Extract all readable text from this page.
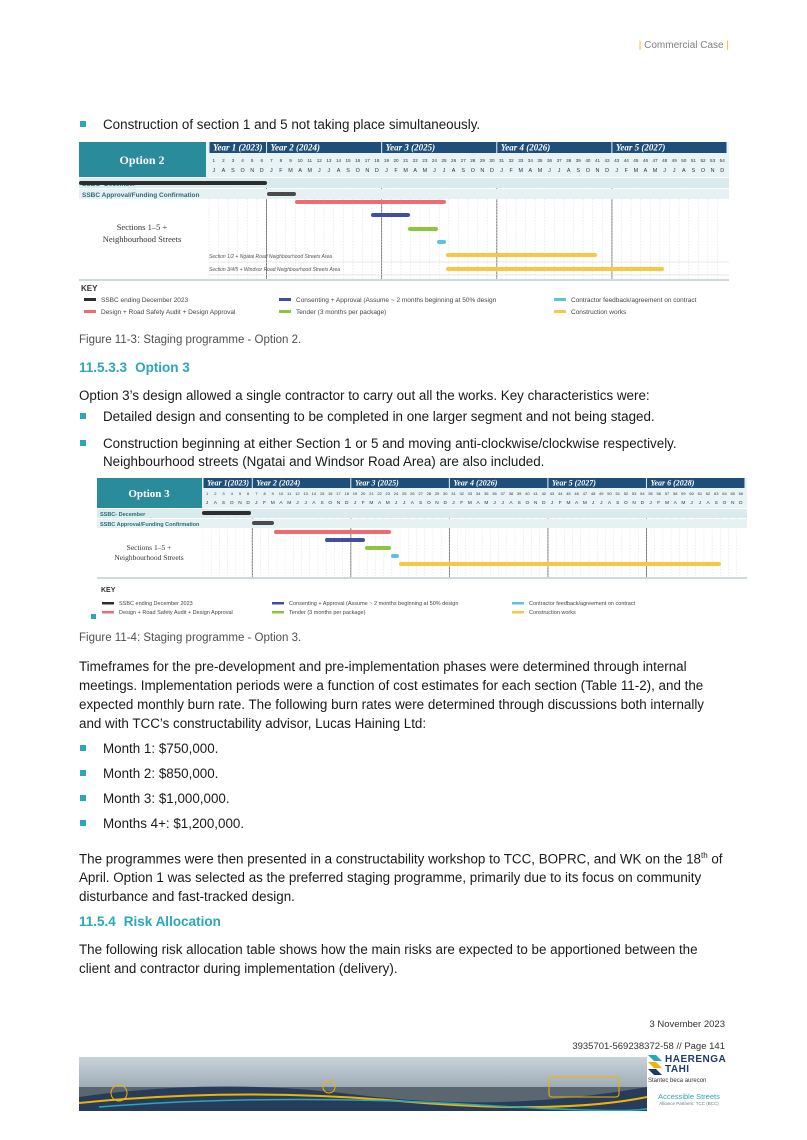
| Commercial Case |
Construction of section 1 and 5 not taking place simultaneously.
Option 2
Year 1 (2023) Year 2 (2024)	Year 3 (2025)	Year 4 (2026)	Year 5 (2027)
1
J
2
A
3
S
4
O
5
N
6
D
7
J
8
F
9
M
10
A
11
M
12
J
13
J
14
A
15
S
16
O
17
N
18
D
19
J
20
F
21
M
22
A
23
M
24
J
25
J
26
A
27
S
28
O
29
N
30
D
31
J
32
F
33
M
34
A
35
M
36
J
37
J
38
A
39
S
40
O
41
N
42
D
43
J
44
F
45
M
46
A
47
M
48
J
49
J
50
A
51
S
52
O
53
N
54
D
SSBC Approval/Funding Confirmation
Sections 1–5 +
Neighbourhood Streets
Section 1/2 + Ngatai Road Neighbourhood Streets Area
Section 3/4/5 + Windsor Road Neighbourhood Streets Area
KEY
SSBC ending December 2023
Design + Road Safety Audit + Design Approval
Consenting + Approval (Assume ~ 2 months beginning at 50% design
Tender (3 months per package)
Contractor feedback/agreement on contract
Construction works
Figure 11-3: Staging programme - Option 2.
11.5.3.3 Option 3
Option 3’s design allowed a single contractor to carry out all the works. Key characteristics were:
Detailed design and consenting to be completed in one larger segment and not being staged.
Construction beginning at either Section 1 or 5 and moving anti-clockwise/clockwise respectively.
Neighbourhood streets (Ngatai and Windsor Road Area) are also included.
Option 3
Year 1(2023) Year 2 (2024)	Year 3 (2025)	Year 4 (2026)	Year 5 (2027)	Year 6 (2028)
1
J
2
A
3
S
4
O
5
N
6
D
7
J
8
F
9
M
10
A
11
M
12
J
13
J
14
A
15
S
16
O
17
N
18
D
19
J
20
F
21
M
22
A
23
M
24
J
25
J
26
A
27
S
28
O
29
N
30
D
31
J
32
F
33
M
34
A
35
M
36
J
37
J
38
A
39
S
40
O
41
N
42
D
43
J
44
F
45
M
46
A
47
M
48
J
49
J
50
A
51
S
52
O
53
N
54
D
55
J
56
F
57
M
58
A
59
M
60
J
61
J
62
A
63
S
64
O
65
N
66
D
SSBC- December
SSBC Approval/Funding Confirmation
Sections 1–5 +
Neighbourhood Streets
KEY
SSBC ending December 2023
Design + Road Safety Audit + Design Approval
Consenting + Approval (Assume ~ 2 months beginning at 50% design
Tender (3 months per package)
Contractor feedback/agreement on contract
Construction works
Figure 11-4: Staging programme - Option 3.
Timeframes for the pre-development and pre-implementation phases were determined through internal meetings. Implementation periods were a function of cost estimates for each section (Table 11-2), and the expected monthly burn rate. The following burn rates were determined through discussions both internally and with TCC’s constructability advisor, Lucas Haining Ltd:
Month 1: $750,000.
Month 2: $850,000.
Month 3: $1,000,000.
Months 4+: $1,200,000.
The programmes were then presented in a constructability workshop to TCC, BOPRC, and WK on the 18th of April. Option 1 was selected as the preferred staging programme, primarily due to its focus on community disturbance and fast-tracked design.
11.5.4 Risk Allocation
The following risk allocation table shows how the main risks are expected to be apportioned between the client and contractor during implementation (delivery).
3 November 2023
3935701-569238372-58 // Page 141
HAERENGA
TAHI
Stantec beca aurecon
Accessible Streets
Alliance Partners: TCC (BCC)
